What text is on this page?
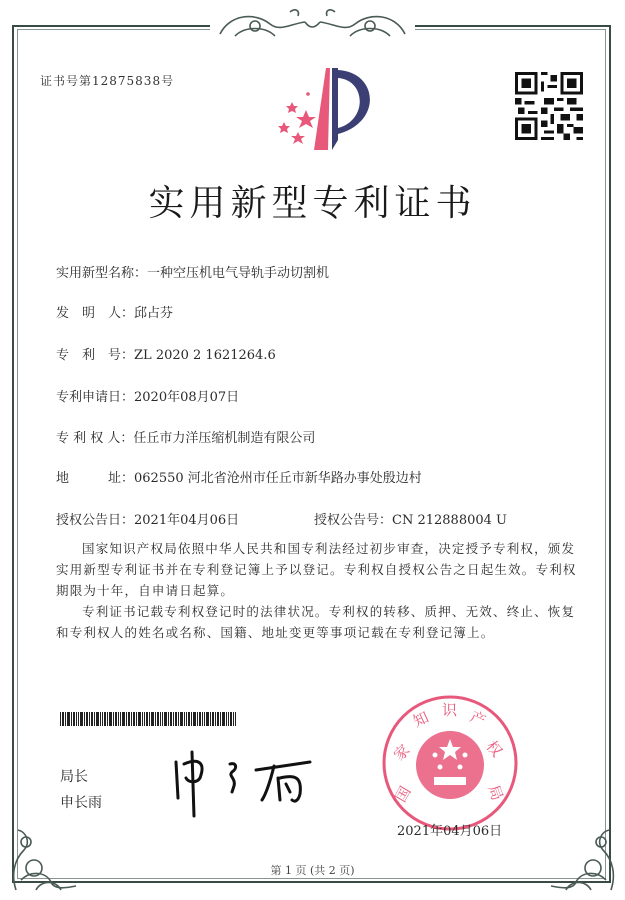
证书号第12875838号
实用新型专利证书
实用新型名称：一种空压机电气导轨手动切割机
发　明　人：邱占芬
专　利　号：ZL 2020 2 1621264.6
专利申请日：2020年08月07日
专 利 权 人：任丘市力洋压缩机制造有限公司
地　　　址：062550 河北省沧州市任丘市新华路办事处殷边村
授权公告日：2021年04月06日	授权公告号：CN 212888004 U
国家知识产权局依照中华人民共和国专利法经过初步审查，决定授予专利权，颁发实用新型专利证书并在专利登记簿上予以登记。专利权自授权公告之日起生效。专利权期限为十年，自申请日起算。
专利证书记载专利权登记时的法律状况。专利权的转移、质押、无效、终止、恢复和专利权人的姓名或名称、国籍、地址变更等事项记载在专利登记簿上。
局长
申长雨	国
家
知 识 产
权
局
2021年04月06日
第 1 页 (共 2 页)
